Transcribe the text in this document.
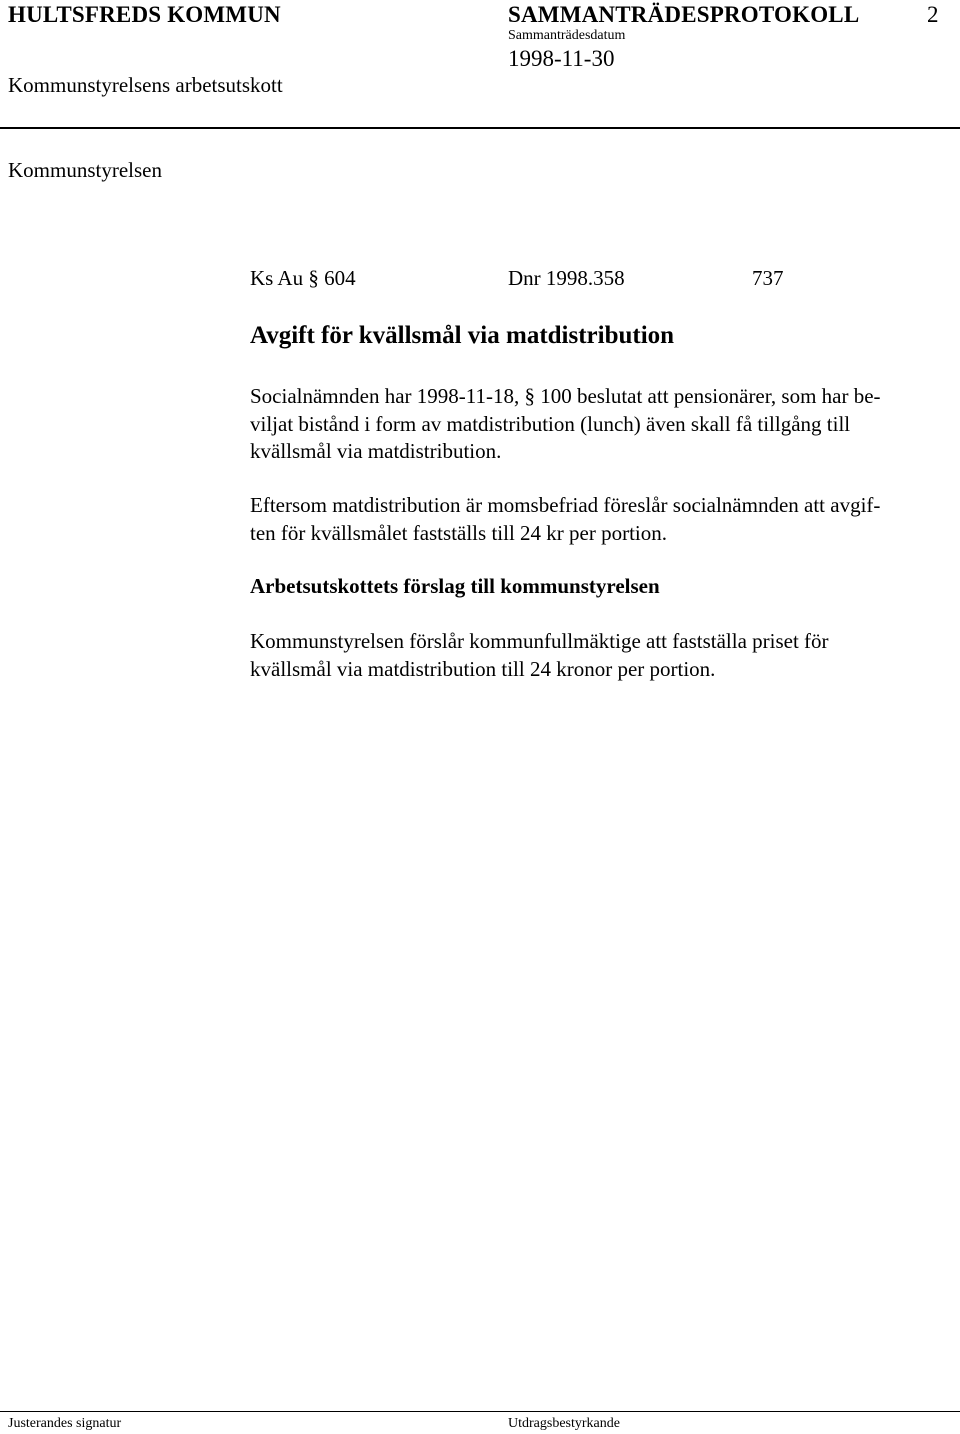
HULTSFREDS KOMMUN	SAMMANTRÄDESPROTOKOLL	2
Sammanträdesdatum
1998-11-30
Kommunstyrelsens arbetsutskott
Kommunstyrelsen
Ks Au § 604	Dnr 1998.358	737
Avgift för kvällsmål via matdistribution
Socialnämnden har 1998-11-18, § 100 beslutat att pensionärer, som har be-
viljat bistånd i form av matdistribution (lunch) även skall få tillgång till
kvällsmål via matdistribution.
Eftersom matdistribution är momsbefriad föreslår socialnämnden att avgif-
ten för kvällsmålet fastställs till 24 kr per portion.
Arbetsutskottets förslag till kommunstyrelsen
Kommunstyrelsen förslår kommunfullmäktige att fastställa priset för
kvällsmål via matdistribution till 24 kronor per portion.
Justerandes signatur	Utdragsbestyrkande
